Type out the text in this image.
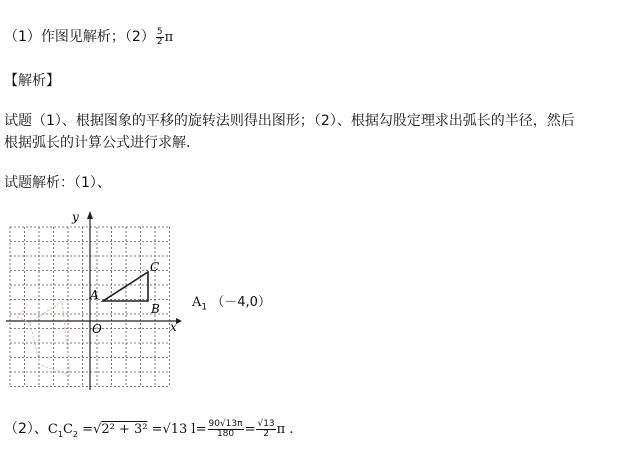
（1）作图见解析；$(2) \frac{5}{2}$ π
【解析】
试题（1）、根据图象的平移的旋转法则得出图形；（2）、根据勾股定理求出弧长的半径，然后
根据弧长的计算公式进行求解.
试题解析：（1）、
y
x
O
A
B
C
$A_1$ （－4,0）
（2）、$C_1C_2 =√2^2 + 3^2 =√13$ $l= \frac{90√13\pi}{180} = \frac{√13}{2}$ π .
